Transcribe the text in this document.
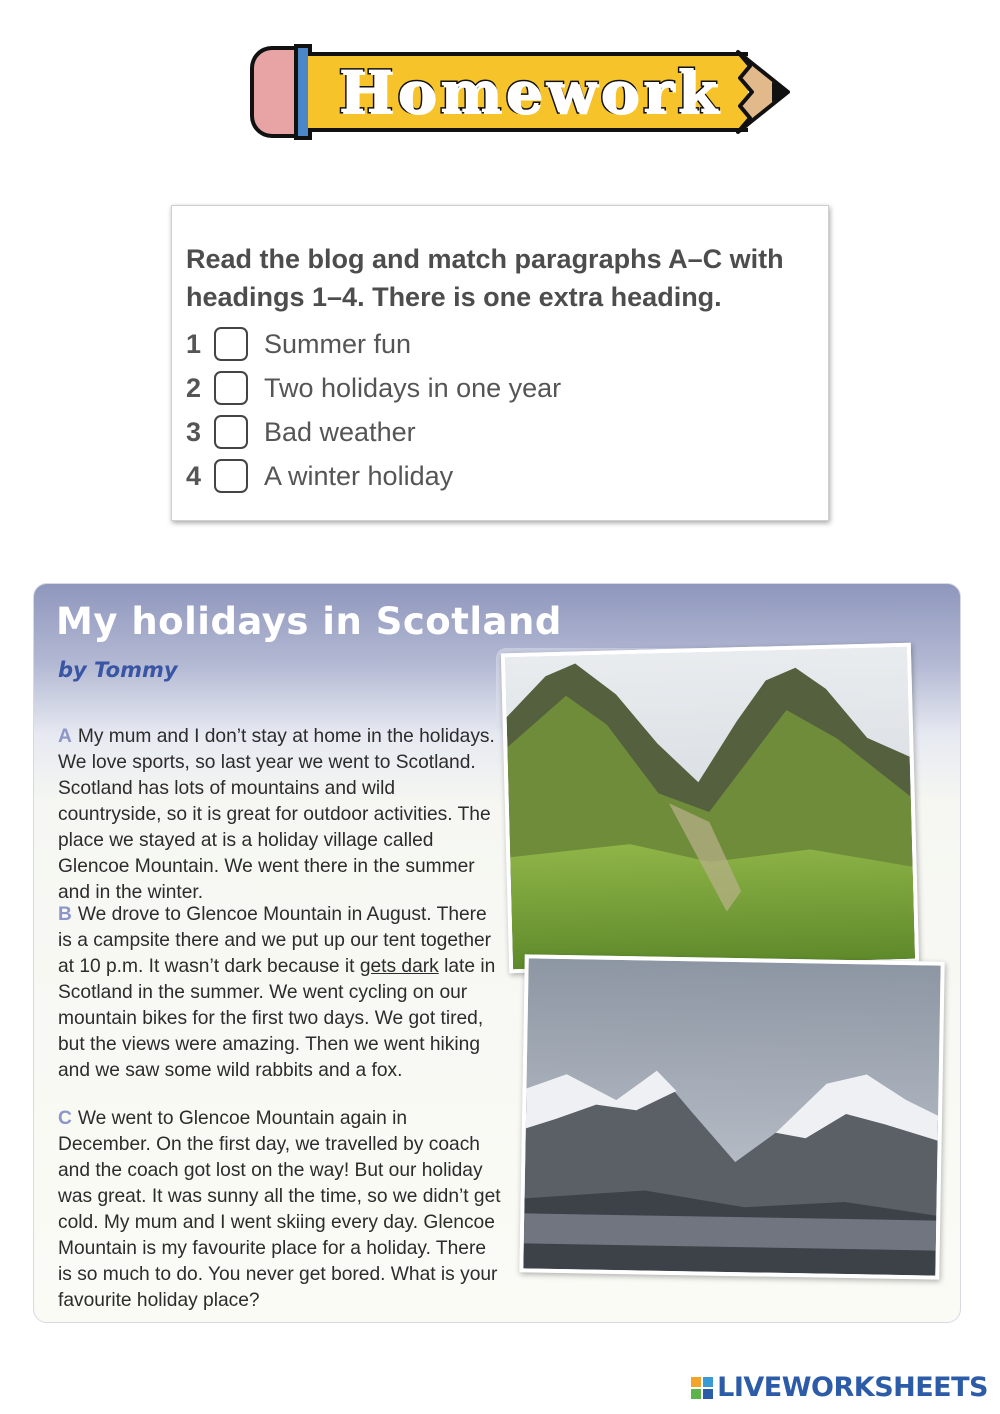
Homework

Read the blog and match paragraphs A–C with headings 1–4. There is one extra heading.

1	Summer fun
2	Two holidays in one year
3	Bad weather
4	A winter holiday
My holidays in Scotland
by Tommy

A My mum and I don’t stay at home in the holidays. We love sports, so last year we went to Scotland. Scotland has lots of mountains and wild countryside, so it is great for outdoor activities. The place we stayed at is a holiday village called Glencoe Mountain. We went there in the summer and in the winter.

B We drove to Glencoe Mountain in August. There is a campsite there and we put up our tent together at 10 p.m. It wasn’t dark because it gets dark late in Scotland in the summer. We went cycling on our mountain bikes for the first two days. We got tired, but the views were amazing. Then we went hiking and we saw some wild rabbits and a fox.

C We went to Glencoe Mountain again in December. On the first day, we travelled by coach and the coach got lost on the way! But our holiday was great. It was sunny all the time, so we didn’t get cold. My mum and I went skiing every day. Glencoe Mountain is my favourite place for a holiday. There is so much to do. You never get bored. What is your favourite holiday place?

LIVEWORKSHEETS
